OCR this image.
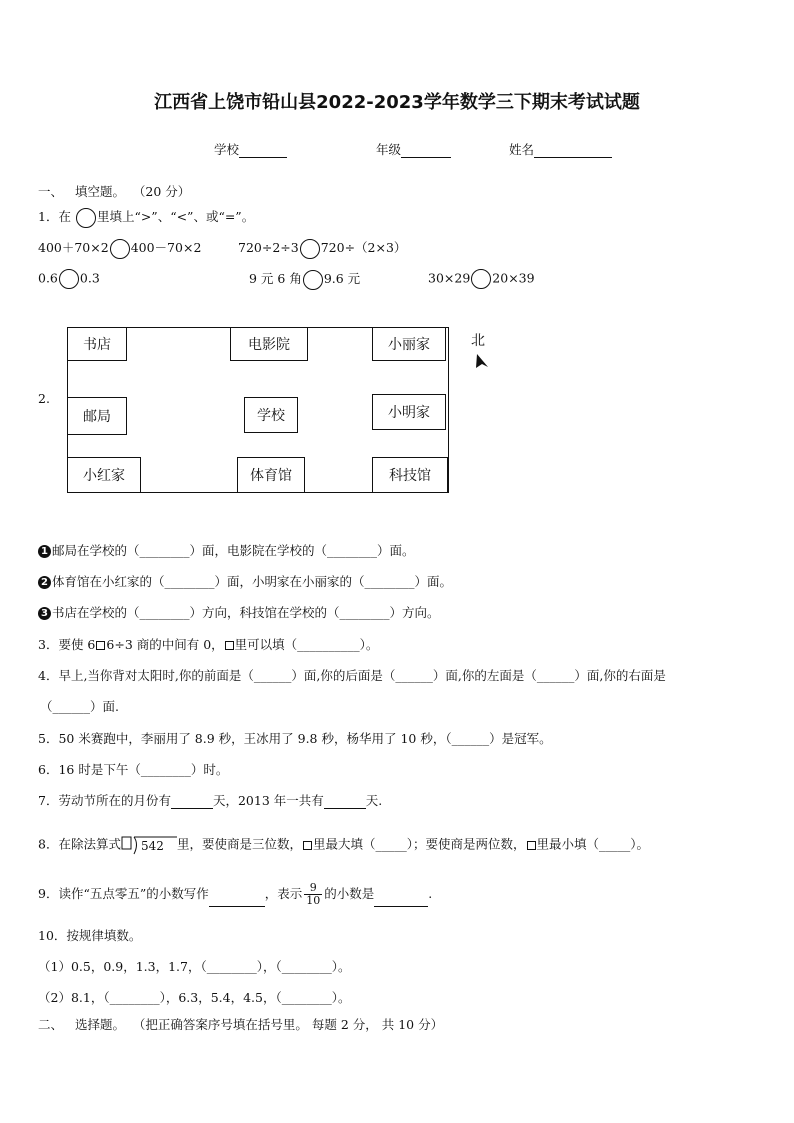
江西省上饶市铅山县2022-2023学年数学三下期末考试试题
学校	年级	姓名
一、 填空题。 （20 分）
1．在 里填上“>”、“<”、或“=”。
400＋70×2 400－70×2	720÷2÷3 720÷（2×3）
0.6 0.3	9 元 6 角 9.6 元	30×29 20×39
2.
书店	电影院	小丽家
邮局	学校	小明家
小红家	体育馆	科技馆
北
1 邮局在学校的（________）面，电影院在学校的（________）面。
2 体育馆在小红家的（________）面，小明家在小丽家的（________）面。
3 书店在学校的（________）方向，科技馆在学校的（________）方向。
3．要使 6 6÷3 商的中间有 0， 里可以填（__________）。
4．早上,当你背对太阳时,你的前面是（______）面,你的后面是（______）面,你的左面是（______）面,你的右面是
（______）面.
5．50 米赛跑中，李丽用了 8.9 秒，王冰用了 9.8 秒，杨华用了 10 秒，（______）是冠军。
6．16 时是下午（________）时。
7．劳动节所在的月份有	天，2013 年一共有	天.
8．在除法算式 542 里，要使商是三位数， 里最大填（_____）；要使商是两位数， 里最小填（_____）。
9．读作“五点零五”的小数写作	，表示 $\frac{9}{10}$ 的小数是	.
10．按规律填数。
（1）0.5，0.9，1.3，1.7，（________），（________）。
（2）8.1，（________），6.3，5.4，4.5，（________）。
二、 选择题。 （把正确答案序号填在括号里。 每题 2 分， 共 10 分）
